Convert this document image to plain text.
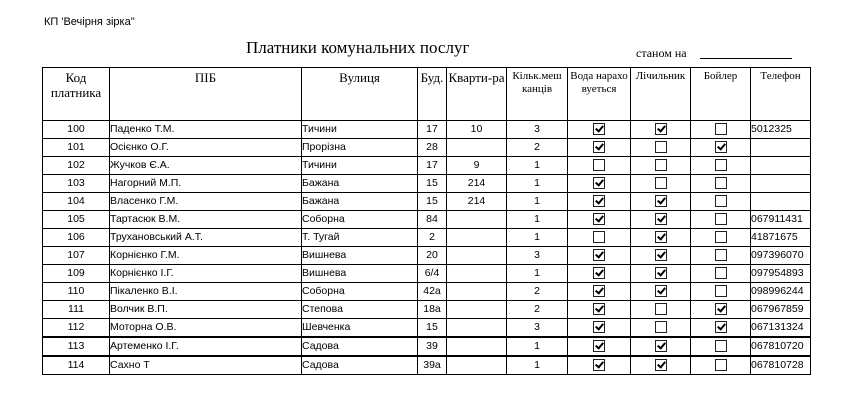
КП 'Вечірня зірка"
Платники комунальних послуг	станом на
Код платника	ПІБ	Вулиця	Буд.	Кварти-ра	Кільк.меш канців	Вода нараховуеться	Лічильник	Бойлер	Телефон
100	Паденко Т.М.	Тичини	17	10	3				5012325
101	Осієнко О.Г.	Прорізна	28		2				
102	Жучков Є.А.	Тичини	17	9	1				
103	Нагорний М.П.	Бажана	15	214	1				
104	Власенко Г.М.	Бажана	15	214	1				
105	Тартасюк В.М.	Соборна	84		1				067911431
106	Трухановський А.Т.	Т. Тугай	2		1				41871675
107	Корнієнко Г.М.	Вишнева	20		3				097396070
109	Корнієнко І.Г.	Вишнева	6/4		1				097954893
110	Пікаленко В.І.	Соборна	42а		2				098996244
111	Волчик В.П.	Степова	18а		2				067967859
112	Моторна О.В.	Шевченка	15		3				067131324
113	Артеменко І.Г.	Садова	39		1				067810720
114	Сахно Т	Садова	39а		1				067810728
